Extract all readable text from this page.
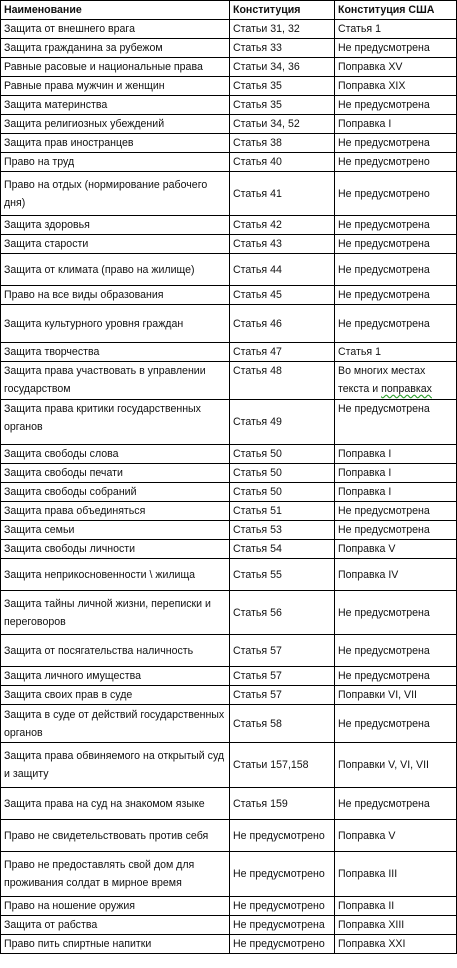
Наименование	Конституция	Конституция США
Защита от внешнего врага	Статьи 31, 32	Статья 1
Защита гражданина за рубежом	Статья 33	Не предусмотрена
Равные расовые и национальные права	Статьи 34, 36	Поправка XV
Равные права мужчин и женщин	Статья 35	Поправка XIX
Защита материнства	Статья 35	Не предусмотрена
Защита религиозных убеждений	Статьи 34, 52	Поправка I
Защита прав иностранцев	Статья 38	Не предусмотрена
Право на труд	Статья 40	Не предусмотрено
Право на отдых (нормирование рабочего дня)	Статья 41	Не предусмотрено
Защита здоровья	Статья 42	Не предусмотрена
Защита старости	Статья 43	Не предусмотрена
Защита от климата (право на жилище)	Статья 44	Не предусмотрена
Право на все виды образования	Статья 45	Не предусмотрена
Защита культурного уровня граждан	Статья 46	Не предусмотрена
Защита творчества	Статья 47	Статья 1
Защита права участвовать в управлении государством	Статья 48	Во многих местах текста и поправках
Защита права критики государственных органов	Статья 49	Не предусмотрена
Защита свободы слова	Статья 50	Поправка I
Защита свободы печати	Статья 50	Поправка I
Защита свободы собраний	Статья 50	Поправка I
Защита права объединяться	Статья 51	Не предусмотрена
Защита семьи	Статья 53	Не предусмотрена
Защита свободы личности	Статья 54	Поправка V
Защита неприкосновенности \ жилища	Статья 55	Поправка IV
Защита тайны личной жизни, переписки и переговоров	Статья 56	Не предусмотрена
Защита от посягательства наличность	Статья 57	Не предусмотрена
Защита личного имущества	Статья 57	Не предусмотрена
Защита своих прав в суде	Статья 57	Поправки VI, VII
Защита в суде от действий государственных органов	Статья 58	Не предусмотрена
Защита права обвиняемого на открытый суд и защиту	Статьи 157,158	Поправки V, VI, VII
Защита права на суд на знакомом языке	Статья 159	Не предусмотрена
Право не свидетельствовать против себя	Не предусмотрено	Поправка V
Право не предоставлять свой дом для проживания солдат в мирное время	Не предусмотрено	Поправка III
Право на ношение оружия	Не предусмотрено	Поправка II
Защита от рабства	Не предусмотрена	Поправка XIII
Право пить спиртные напитки	Не предусмотрено	Поправка XXI
